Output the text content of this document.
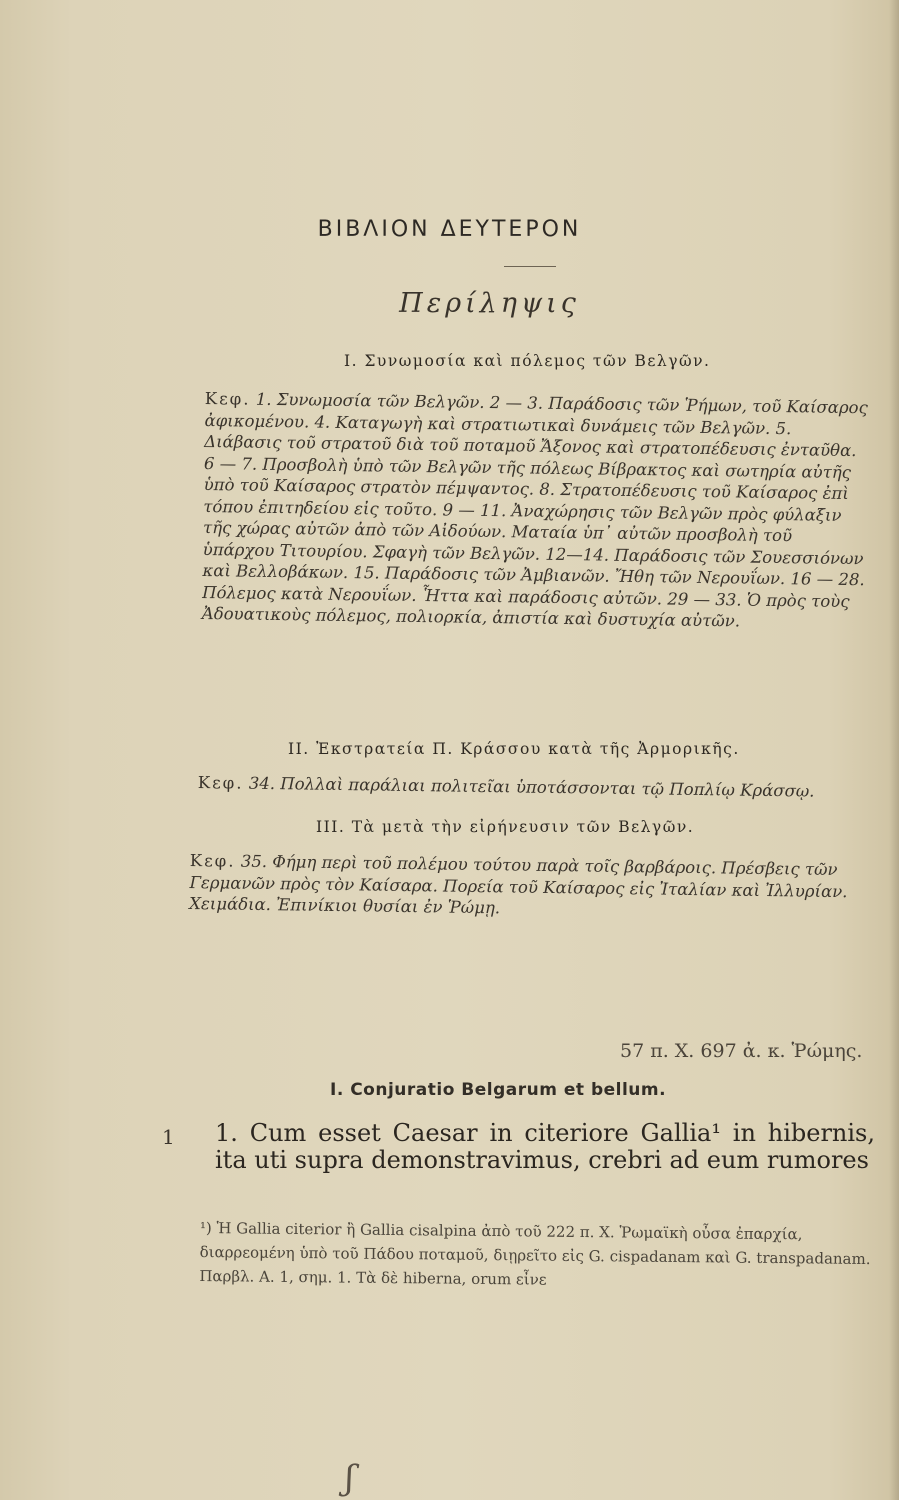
ΒΙΒΛΙΟΝ ΔΕΥΤΕΡΟΝ
Περίληψις
Ι. Συνωμοσία καὶ πόλεμος τῶν Βελγῶν.
Κεφ. 1. Συνωμοσία τῶν Βελγῶν. 2 — 3. Παράδοσις τῶν Ῥήμων, τοῦ Καίσαρος ἀφικομένου. 4. Καταγωγὴ καὶ στρατιωτικαὶ δυνάμεις τῶν Βελγῶν. 5. Διάβασις τοῦ στρατοῦ διὰ τοῦ ποταμοῦ Ἄξονος καὶ στρατοπέδευσις ἐνταῦθα. 6 — 7. Προσβολὴ ὑπὸ τῶν Βελγῶν τῆς πόλεως Βίβρακτος καὶ σωτηρία αὐτῆς ὑπὸ τοῦ Καίσαρος στρατὸν πέμψαντος. 8. Στρατοπέδευσις τοῦ Καίσαρος ἐπὶ τόπου ἐπιτηδείου εἰς τοῦτο. 9 — 11. Ἀναχώρησις τῶν Βελγῶν πρὸς φύλαξιν τῆς χώρας αὐτῶν ἀπὸ τῶν Αἰδούων. Ματαία ὑπ᾽ αὐτῶν προσβολὴ τοῦ ὑπάρχου Τιτουρίου. Σφαγὴ τῶν Βελγῶν. 12—14. Παράδοσις τῶν Σουεσσιόνων καὶ Βελλοβάκων. 15. Παράδοσις τῶν Ἀμβιανῶν. Ἤθη τῶν Νερουΐων. 16 — 28. Πόλεμος κατὰ Νερουΐων. Ἧττα καὶ παράδοσις αὐτῶν. 29 — 33. Ὁ πρὸς τοὺς Ἀδουατικοὺς πόλεμος, πολιορκία, ἀπιστία καὶ δυστυχία αὐτῶν.
ΙΙ. Ἐκστρατεία Π. Κράσσου κατὰ τῆς Ἀρμορικῆς.
Κεφ. 34. Πολλαὶ παράλιαι πολιτεῖαι ὑποτάσσονται τῷ Ποπλίῳ Κράσσῳ.
ΙΙΙ. Τὰ μετὰ τὴν εἰρήνευσιν τῶν Βελγῶν.
Κεφ. 35. Φήμη περὶ τοῦ πολέμου τούτου παρὰ τοῖς βαρβάροις. Πρέσβεις τῶν Γερμανῶν πρὸς τὸν Καίσαρα. Πορεία τοῦ Καίσαρος εἰς Ἰταλίαν καὶ Ἰλλυρίαν. Χειμάδια. Ἐπινίκιοι θυσίαι ἐν Ῥώμῃ.
57 π. Χ. 697 ἀ. κ. Ῥώμης.
I. Conjuratio Belgarum et bellum.
1 1. Cum esset Caesar in citeriore Gallia¹ in hibernis, ita uti supra demonstravimus, crebri ad eum rumores
¹) Ἡ Gallia citerior ἢ Gallia cisalpina ἀπὸ τοῦ 222 π. Χ. Ῥωμαϊκὴ οὖσα ἐπαρχία, διαρρεομένη ὑπὸ τοῦ Πάδου ποταμοῦ, διῃρεῖτο εἰς G. cispadanam καὶ G. transpadanam. Παρβλ. Α. 1, σημ. 1. Τὰ δὲ hiberna, orum εἶνε
ʃ
